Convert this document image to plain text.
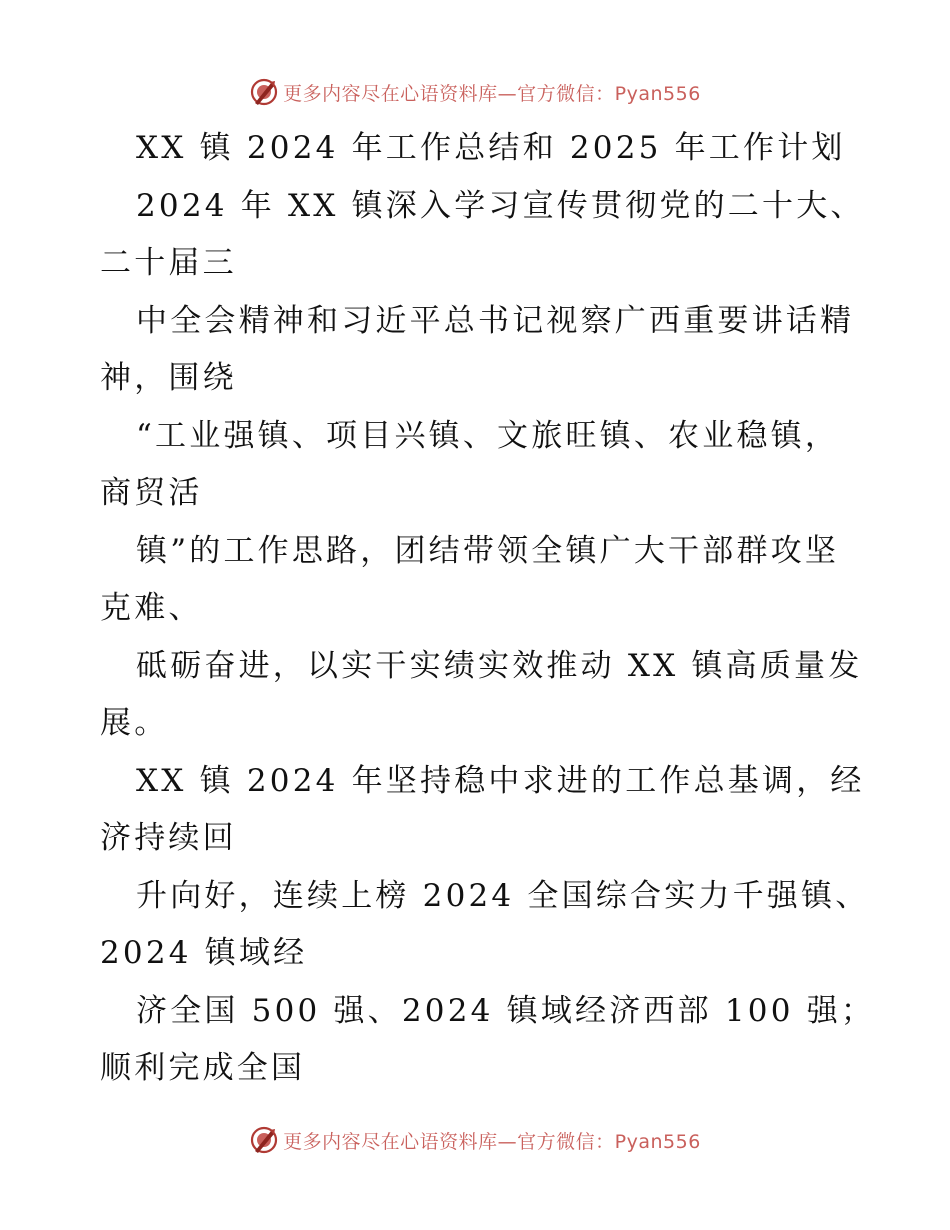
更多内容尽在心语资料库—官方微信：Pyan556
XX 镇 2024 年工作总结和 2025 年工作计划
2024 年 XX 镇深入学习宣传贯彻党的二十大、
二十届三
中全会精神和习近平总书记视察广西重要讲话精
神，围绕
“工业强镇、项目兴镇、文旅旺镇、农业稳镇，
商贸活
镇”的工作思路，团结带领全镇广大干部群攻坚
克难、
砥砺奋进，以实干实绩实效推动 XX 镇高质量发
展。
XX 镇 2024 年坚持稳中求进的工作总基调，经
济持续回
升向好，连续上榜 2024 全国综合实力千强镇、
2024 镇域经
济全国 500 强、2024 镇域经济西部 100 强；
顺利完成全国
更多内容尽在心语资料库—官方微信：Pyan556
